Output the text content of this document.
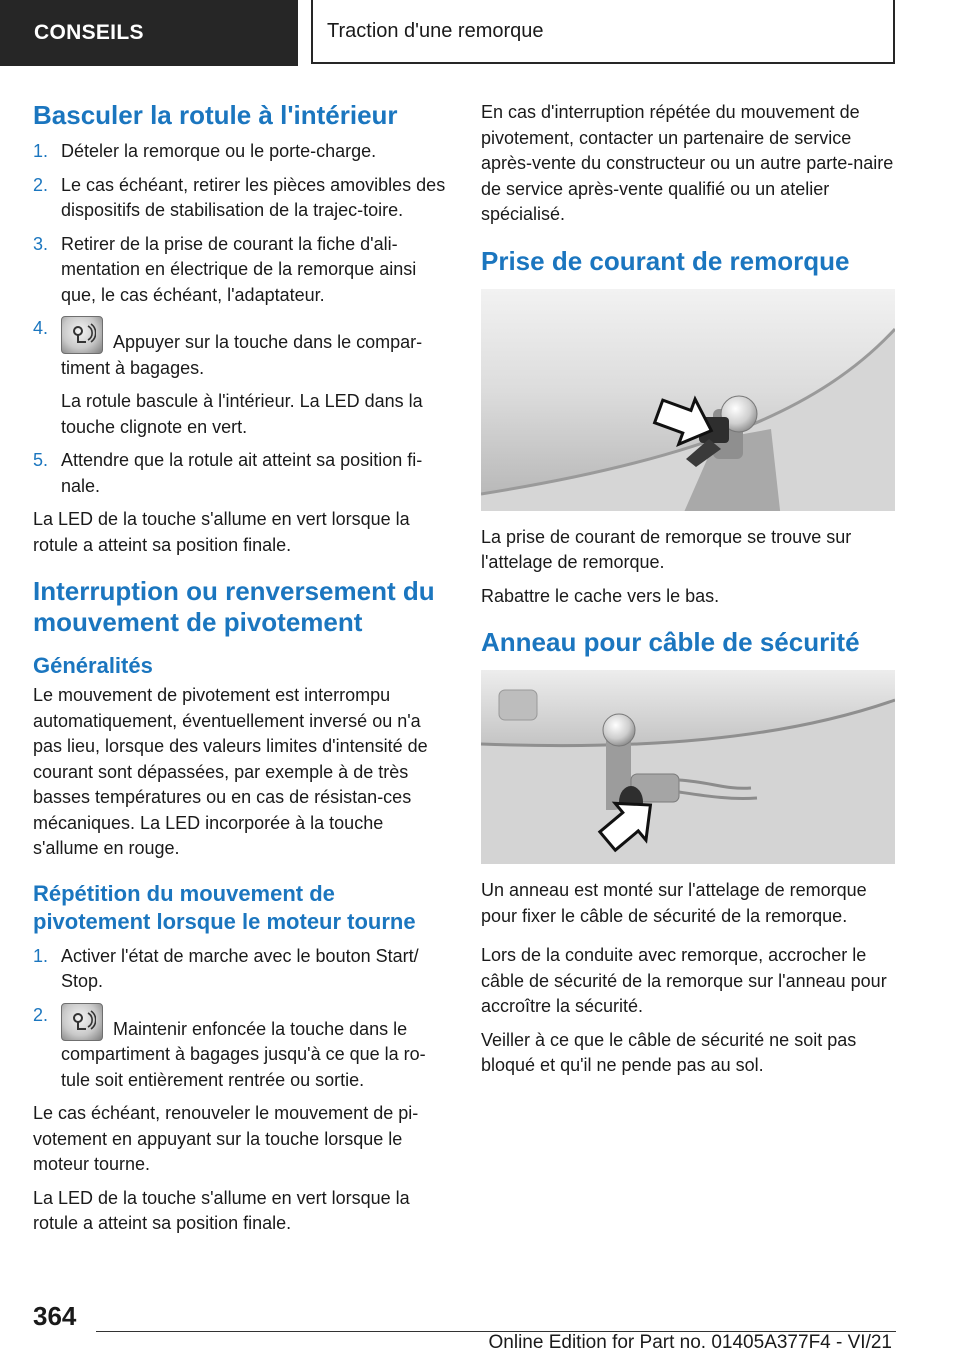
CONSEILS	Traction d'une remorque
Basculer la rotule à l'intérieur
1. Dételer la remorque ou le porte-charge.
2. Le cas échéant, retirer les pièces amovibles des dispositifs de stabilisation de la trajec-toire.
3. Retirer de la prise de courant la fiche d'ali-mentation en électrique de la remorque ainsi que, le cas échéant, l'adaptateur.
4.

Appuyer sur la touche dans le compar-timent à bagages.

La rotule bascule à l'intérieur. La LED dans la touche clignote en vert.

5. Attendre que la rotule ait atteint sa position fi-nale.

La LED de la touche s'allume en vert lorsque la rotule a atteint sa position finale.

Interruption ou renversement du mouvement de pivotement
Généralités

Le mouvement de pivotement est interrompu automatiquement, éventuellement inversé ou n'a pas lieu, lorsque des valeurs limites d'intensité de courant sont dépassées, par exemple à de très basses températures ou en cas de résistan-ces mécaniques. La LED incorporée à la touche s'allume en rouge.

Répétition du mouvement de pivotement lorsque le moteur tourne
1. Activer l'état de marche avec le bouton Start/ Stop.
2.
Maintenir enfoncée la touche dans le compartiment à bagages jusqu'à ce que la ro-tule soit entièrement rentrée ou sortie.

Le cas échéant, renouveler le mouvement de pi-votement en appuyant sur la touche lorsque le moteur tourne.

La LED de la touche s'allume en vert lorsque la rotule a atteint sa position finale.

En cas d'interruption répétée du mouvement de pivotement, contacter un partenaire de service après-vente du constructeur ou un autre parte-naire de service après-vente qualifié ou un atelier spécialisé.

Prise de courant de remorque

La prise de courant de remorque se trouve sur l'attelage de remorque.

Rabattre le cache vers le bas.

Anneau pour câble de sécurité

Un anneau est monté sur l'attelage de remorque pour fixer le câble de sécurité de la remorque.

Lors de la conduite avec remorque, accrocher le câble de sécurité de la remorque sur l'anneau pour accroître la sécurité.

Veiller à ce que le câble de sécurité ne soit pas bloqué et qu'il ne pende pas au sol.

364
Online Edition for Part no. 01405A377F4 - VI/21
